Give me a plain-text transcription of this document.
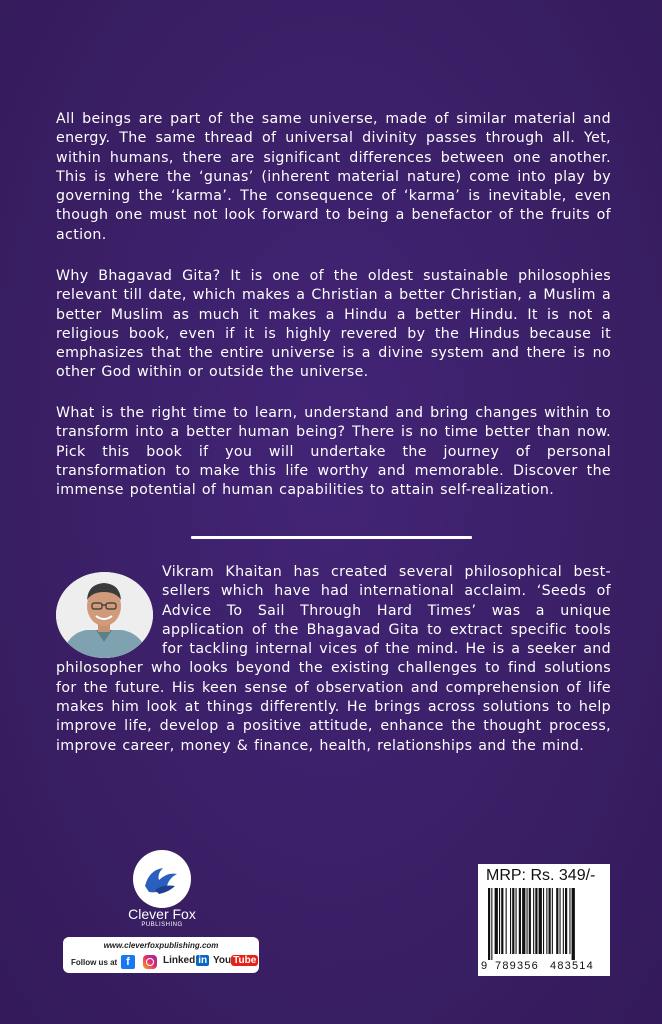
All beings are part of the same universe, made of similar material and energy. The same thread of universal divinity passes through all. Yet, within humans, there are significant differences between one another. This is where the ‘gunas’ (inherent material nature) come into play by governing the ‘karma’. The consequence of ‘karma’ is inevitable, even though one must not look forward to being a benefactor of the fruits of action.

Why Bhagavad Gita? It is one of the oldest sustainable philosophies relevant till date, which makes a Christian a better Christian, a Muslim a better Muslim as much it makes a Hindu a better Hindu. It is not a religious book, even if it is highly revered by the Hindus because it emphasizes that the entire universe is a divine system and there is no other God within or outside the universe.

What is the right time to learn, understand and bring changes within to transform into a better human being? There is no time better than now. Pick this book if you will undertake the journey of personal transformation to make this life worthy and memorable. Discover the immense potential of human capabilities to attain self-realization.

Vikram Khaitan has created several philosophical best-sellers which have had international acclaim. ‘Seeds of Advice To Sail Through Hard Times’ was a unique application of the Bhagavad Gita to extract specific tools for tackling internal vices of the mind. He is a seeker and philosopher who looks beyond the existing challenges to find solutions for the future. His keen sense of observation and comprehension of life makes him look at things differently. He brings across solutions to help improve life, develop a positive attitude, enhance the thought process, improve career, money & finance, health, relationships and the mind.
Clever Fox
PUBLISHING
www.cleverfoxpublishing.com
Follow us at f	Linked in You Tube
MRP: Rs. 349/-
9 789356 483514
